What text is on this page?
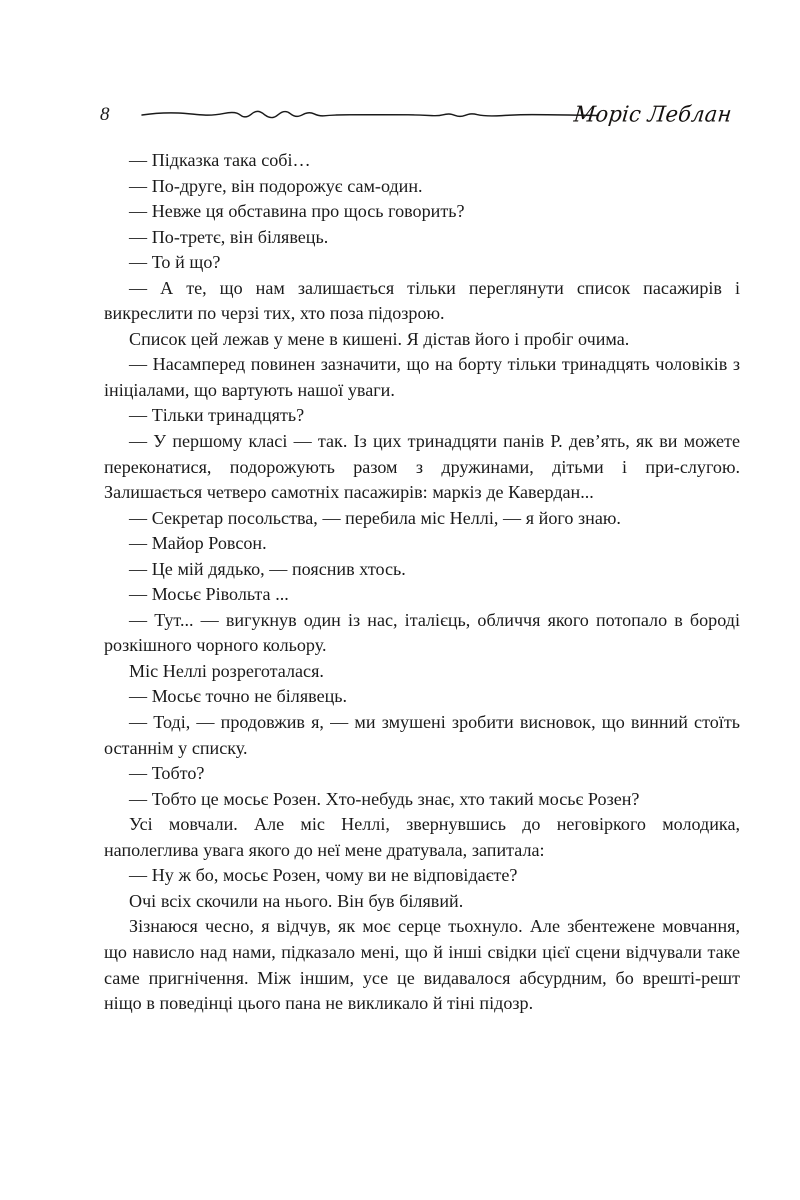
8	Морiс Леблан

— Підказка така собі…

— По-друге, він подорожує сам-один.

— Невже ця обставина про щось говорить?

— По-третє, він білявець.

— То й що?

— А те, що нам залишається тільки переглянути список пасажирів і викреслити по черзі тих, хто поза підозрою.

Список цей лежав у мене в кишені. Я дістав його і пробіг очима.

— Насамперед повинен зазначити, що на борту тільки тринадцять чоловіків з ініціалами, що вартують нашої уваги.

— Тільки тринадцять?

— У першому класі — так. Із цих тринадцяти панів Р. дев’ять, як ви можете переконатися, подорожують разом з дружинами, дітьми і при-слугою. Залишається четверо самотніх пасажирів: маркіз де Кавердан...

— Секретар посольства, — перебила міс Неллі, — я його знаю.

— Майор Ровсон.

— Це мій дядько, — пояснив хтось.

— Мосьє Рівольта ...

— Тут... — вигукнув один із нас, італієць, обличчя якого потопало в бороді розкішного чорного кольору.

Міс Неллі розреготалася.

— Мосьє точно не білявець.

— Тоді, — продовжив я, — ми змушені зробити висновок, що винний стоїть останнім у списку.

— Тобто?

— Тобто це мосьє Розен. Хто-небудь знає, хто такий мосьє Розен?

Усі мовчали. Але міс Неллі, звернувшись до неговіркого молодика, наполеглива увага якого до неї мене дратувала, запитала:

— Ну ж бо, мосьє Розен, чому ви не відповідаєте?

Очі всіх скочили на нього. Він був білявий.

Зізнаюся чесно, я відчув, як моє серце тьохнуло. Але збентежене мовчання, що нависло над нами, підказало мені, що й інші свідки цієї сцени відчували таке саме пригнічення. Між іншим, усе це видавалося абсурдним, бо врешті-решт ніщо в поведінці цього пана не викликало й тіні підозр.
